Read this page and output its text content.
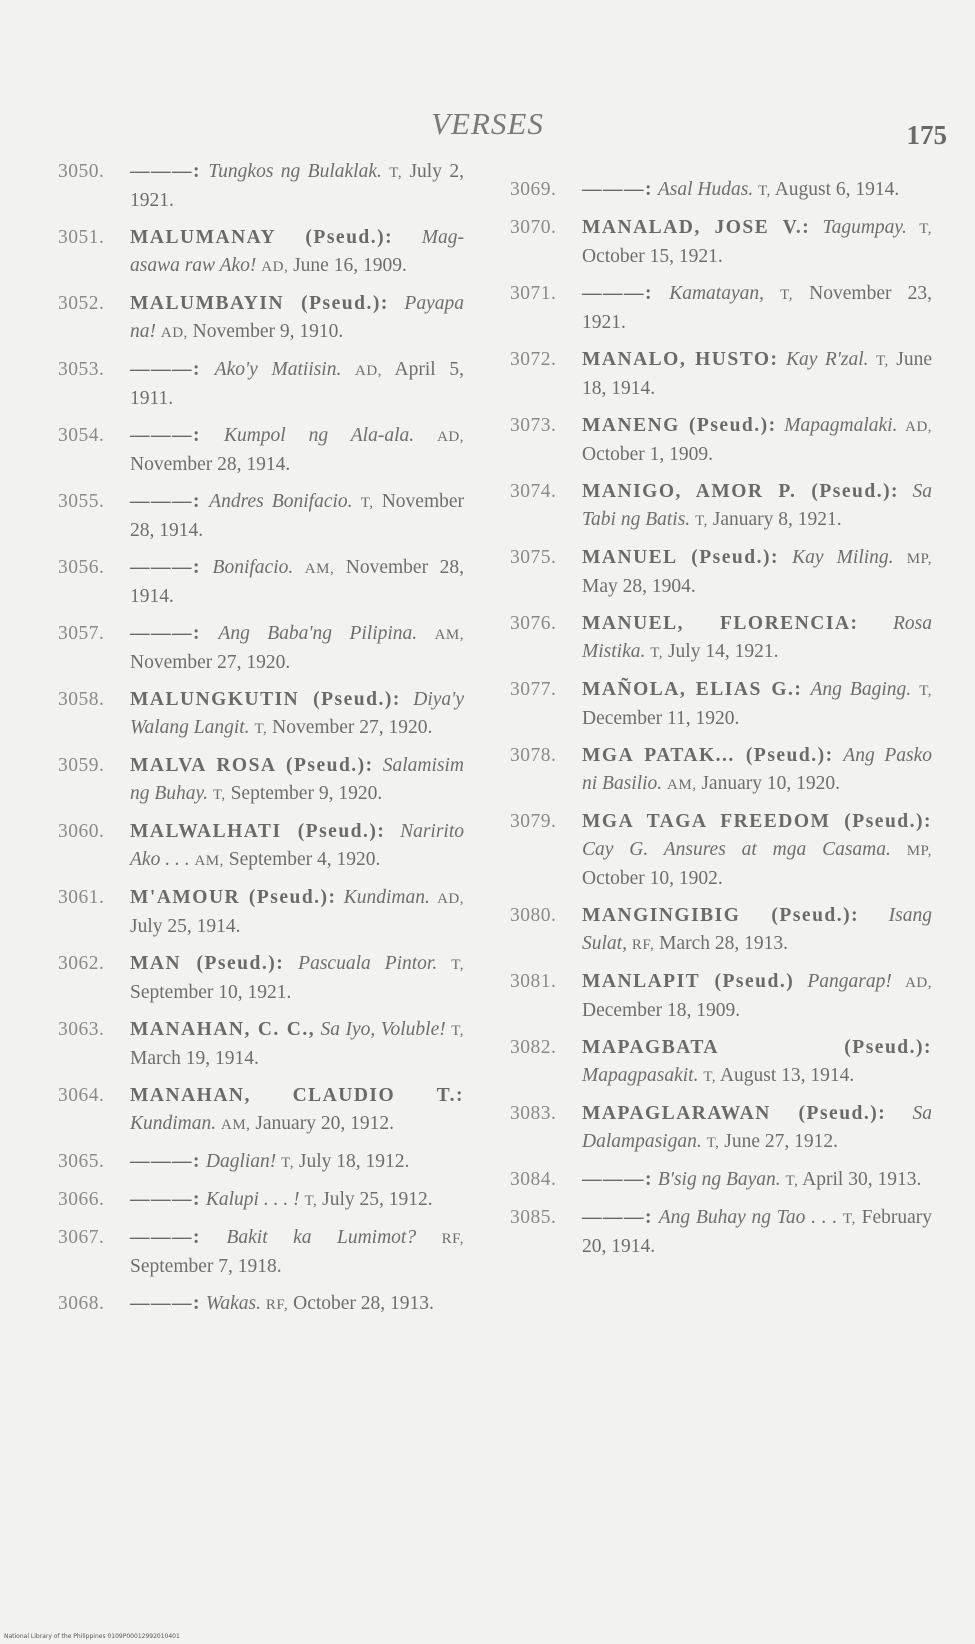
VERSES	175
3050.	———: Tungkos ng Bulaklak. T, July 2, 1921.
3051.	MALUMANAY (Pseud.): Mag-asawa raw Ako! AD, June 16, 1909.
3052.	MALUMBAYIN (Pseud.): Payapa na! AD, November 9, 1910.
3053.	———: Ako'y Matiisin. AD, April 5, 1911.
3054.	———: Kumpol ng Ala-ala. AD, November 28, 1914.
3055.	———: Andres Bonifacio. T, November 28, 1914.
3056.	———: Bonifacio. AM, November 28, 1914.
3057.	———: Ang Baba'ng Pilipina. AM, November 27, 1920.
3058.	MALUNGKUTIN (Pseud.): Diya'y Walang Langit. T, November 27, 1920.
3059.	MALVA ROSA (Pseud.): Salamisim ng Buhay. T, September 9, 1920.
3060.	MALWALHATI (Pseud.): Naririto Ako . . . AM, September 4, 1920.
3061.	M'AMOUR (Pseud.): Kundiman. AD, July 25, 1914.
3062.	MAN (Pseud.): Pascuala Pintor. T, September 10, 1921.
3063.	MANAHAN, C. C., Sa Iyo, Voluble! T, March 19, 1914.
3064.	MANAHAN, CLAUDIO T.: Kundiman. AM, January 20, 1912.
3065.	———: Daglian! T, July 18, 1912.
3066.	———: Kalupi . . . ! T, July 25, 1912.
3067.	———: Bakit ka Lumimot? RF, September 7, 1918.
3068.	———: Wakas. RF, October 28, 1913.
3069.	———: Asal Hudas. T, August 6, 1914.
3070.	MANALAD, JOSE V.: Tagumpay. T, October 15, 1921.
3071.	———: Kamatayan, T, November 23, 1921.
3072.	MANALO, HUSTO: Kay R'zal. T, June 18, 1914.
3073.	MANENG (Pseud.): Mapagmalaki. AD, October 1, 1909.
3074.	MANIGO, AMOR P. (Pseud.): Sa Tabi ng Batis. T, January 8, 1921.
3075.	MANUEL (Pseud.): Kay Miling. MP, May 28, 1904.
3076.	MANUEL, FLORENCIA: Rosa Mistika. T, July 14, 1921.
3077.	MAÑOLA, ELIAS G.: Ang Baging. T, December 11, 1920.
3078.	MGA PATAK... (Pseud.): Ang Pasko ni Basilio. AM, January 10, 1920.
3079.	MGA TAGA FREEDOM (Pseud.): Cay G. Ansures at mga Casama. MP, October 10, 1902.
3080.	MANGINGIBIG (Pseud.): Isang Sulat, RF, March 28, 1913.
3081.	MANLAPIT (Pseud.) Pangarap! AD, December 18, 1909.
3082.	MAPAGBATA (Pseud.): Mapagpasakit. T, August 13, 1914.
3083.	MAPAGLARAWAN (Pseud.): Sa Dalampasigan. T, June 27, 1912.
3084.	———: B'sig ng Bayan. T, April 30, 1913.
3085.	———: Ang Buhay ng Tao . . . T, February 20, 1914.
National Library of the Philippines 0109P00012992010401
